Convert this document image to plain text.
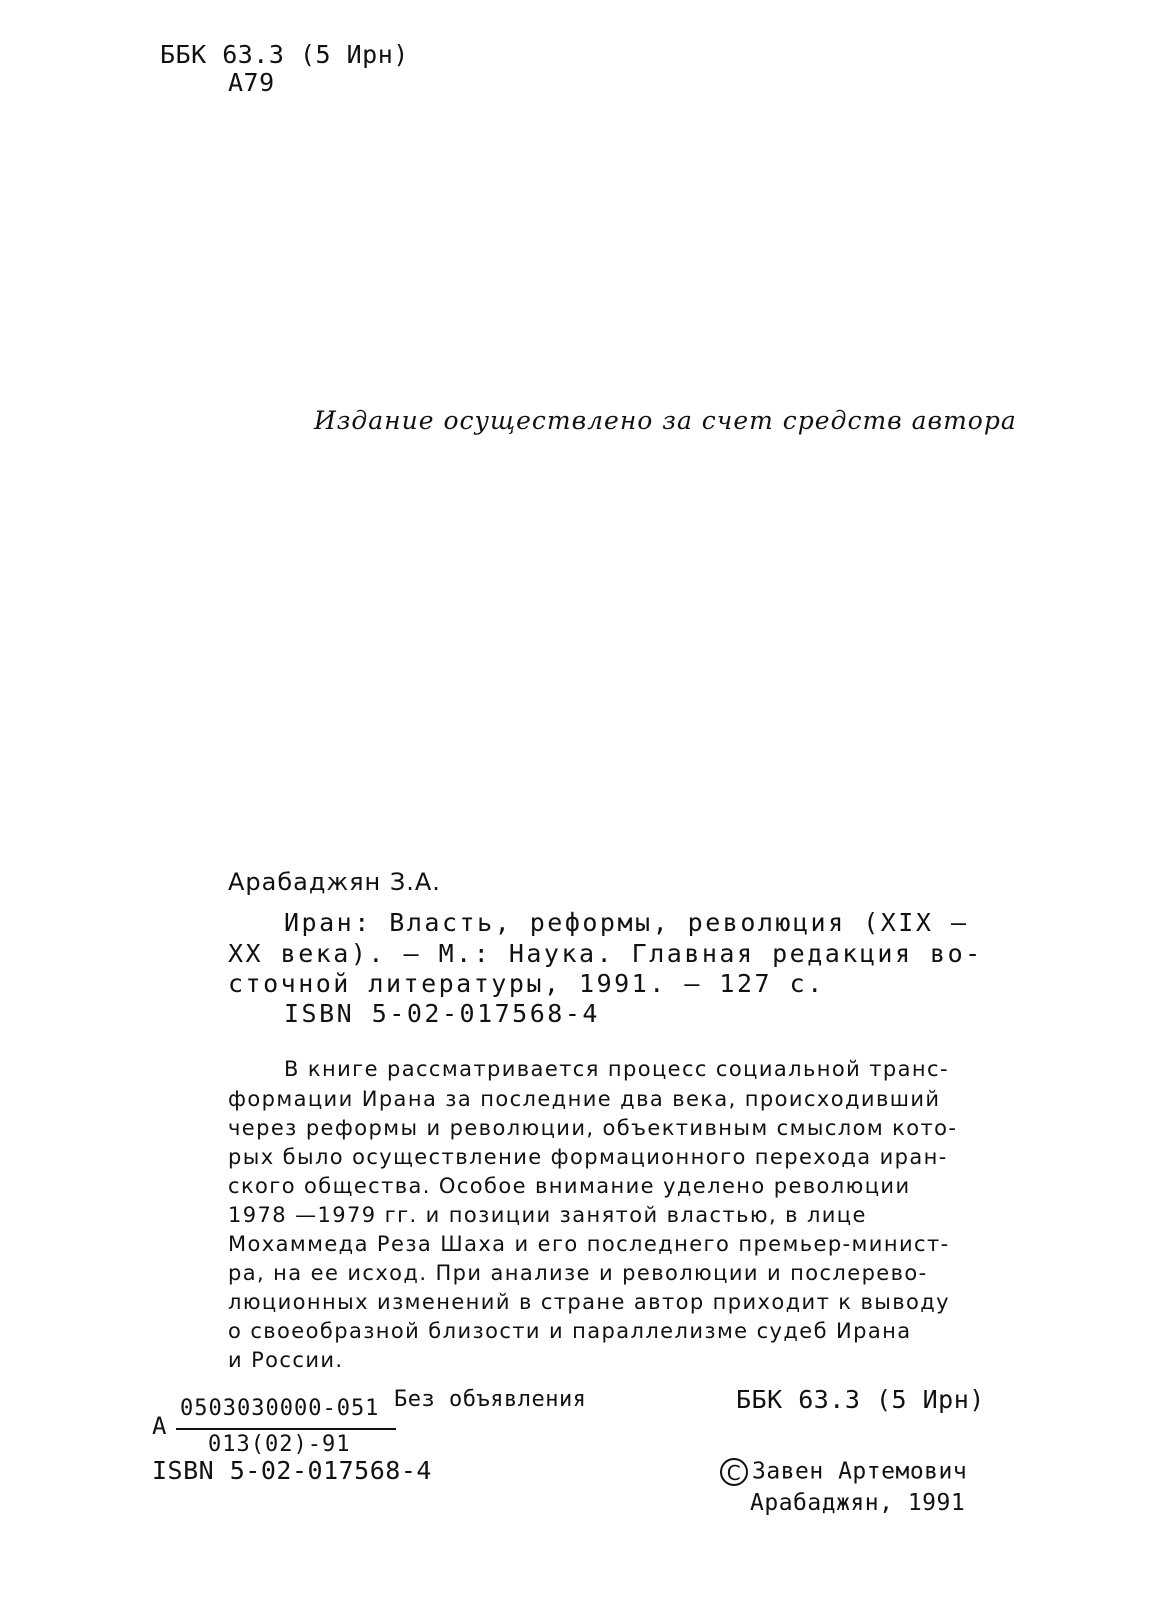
ББК 63.3 (5 Ирн)
А79
Издание осуществлено за счет средств автора
Арабаджян З.А.
Иран: Власть, реформы, революция (XIX —
XX века). — М.: Наука. Главная редакция во-
сточной литературы, 1991. — 127 с.
ISBN 5-02-017568-4
В книге рассматривается процесс социальной транс-
формации Ирана за последние два века, происходивший
через реформы и революции, объективным смыслом кото-
рых было осуществление формационного перехода иран-
ского общества. Особое внимание уделено революции
1978 —1979 гг. и позиции занятой властью, в лице
Мохаммеда Реза Шаха и его последнего премьер-минист-
ра, на ее исход. При анализе и революции и послерево-
люционных изменений в стране автор приходит к выводу
о своеобразной близости и параллелизме судеб Ирана
и России.
А
0503030000-051
013(02)-91
Без объявления	ББК 63.3 (5 Ирн)
ISBN 5-02-017568-4	C Завен Артемович
Арабаджян, 1991
